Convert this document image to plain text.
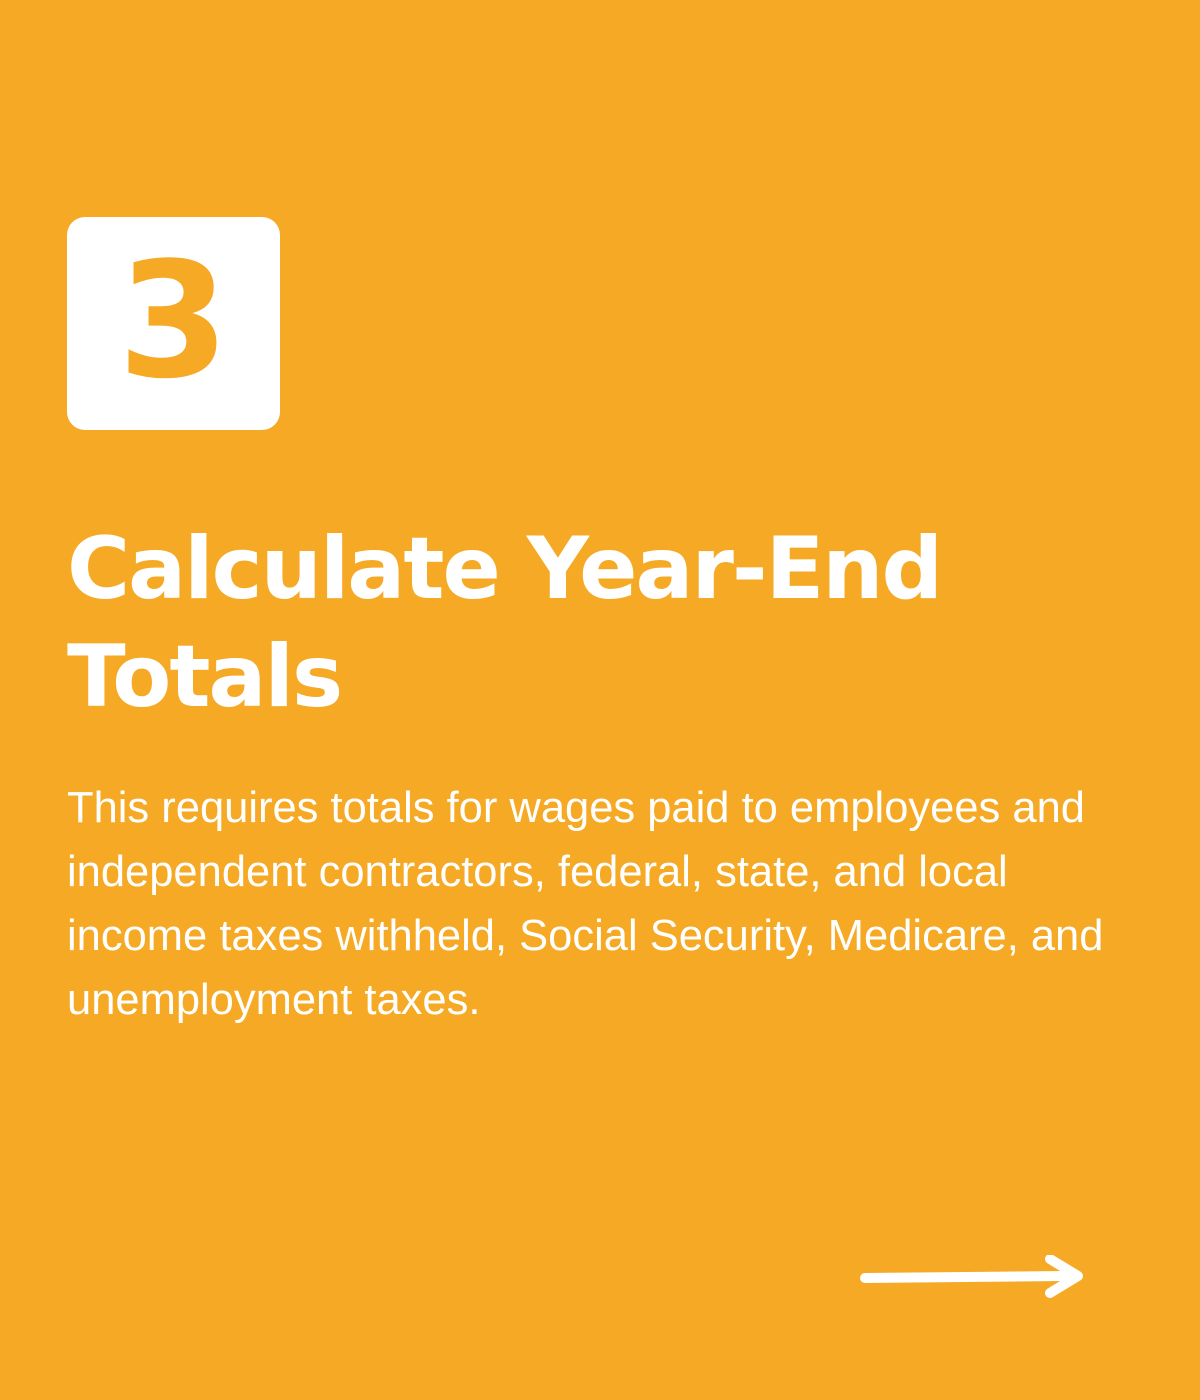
3
Calculate Year-End Totals

This requires totals for wages paid to employees and independent contractors, federal, state, and local income taxes withheld, Social Security, Medicare, and unemployment taxes.
